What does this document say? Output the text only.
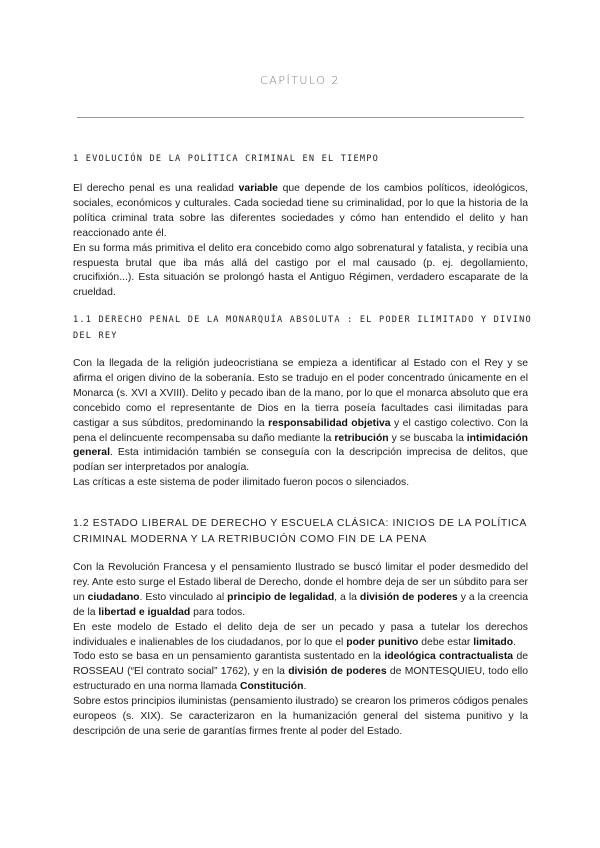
CAPÍTULO 2
1 EVOLUCIÓN DE LA POLÍTICA CRIMINAL EN EL TIEMPO

El derecho penal es una realidad variable que depende de los cambios políticos, ideológicos, sociales, económicos y culturales. Cada sociedad tiene su criminalidad, por lo que la historia de la política criminal trata sobre las diferentes sociedades y cómo han entendido el delito y han reaccionado ante él.

En su forma más primitiva el delito era concebido como algo sobrenatural y fatalista, y recibía una respuesta brutal que iba más allá del castigo por el mal causado (p. ej. degollamiento, crucifixión...). Esta situación se prolongó hasta el Antiguo Régimen, verdadero escaparate de la crueldad.

1.1 DERECHO PENAL DE LA MONARQUÍA ABSOLUTA : EL PODER ILIMITADO Y DIVINO DEL REY

Con la llegada de la religión judeocristiana se empieza a identificar al Estado con el Rey y se afirma el origen divino de la soberanía. Esto se tradujo en el poder concentrado únicamente en el Monarca (s. XVI a XVIII). Delito y pecado iban de la mano, por lo que el monarca absoluto que era concebido como el representante de Dios en la tierra poseía facultades casi ilimitadas para castigar a sus súbditos, predominando la responsabilidad objetiva y el castigo colectivo. Con la pena el delincuente recompensaba su daño mediante la retribución y se buscaba la intimidación general. Esta intimidación también se conseguía con la descripción imprecisa de delitos, que podían ser interpretados por analogía.

Las críticas a este sistema de poder ilimitado fueron pocos o silenciados.

1.2 ESTADO LIBERAL DE DERECHO Y ESCUELA CLÁSICA: INICIOS DE LA POLÍTICA CRIMINAL MODERNA Y LA RETRIBUCIÓN COMO FIN DE LA PENA

Con la Revolución Francesa y el pensamiento Ilustrado se buscó limitar el poder desmedido del rey. Ante esto surge el Estado liberal de Derecho, donde el hombre deja de ser un súbdito para ser un ciudadano. Esto vinculado al principio de legalidad, a la división de poderes y a la creencia de la libertad e igualdad para todos.

En este modelo de Estado el delito deja de ser un pecado y pasa a tutelar los derechos individuales e inalienables de los ciudadanos, por lo que el poder punitivo debe estar limitado.

Todo esto se basa en un pensamiento garantista sustentado en la ideológica contractualista de ROSSEAU (“El contrato social” 1762), y en la división de poderes de MONTESQUIEU, todo ello estructurado en una norma llamada Constitución.

Sobre estos principios iluministas (pensamiento ilustrado) se crearon los primeros códigos penales europeos (s. XIX). Se caracterizaron en la humanización general del sistema punitivo y la descripción de una serie de garantías firmes frente al poder del Estado.
